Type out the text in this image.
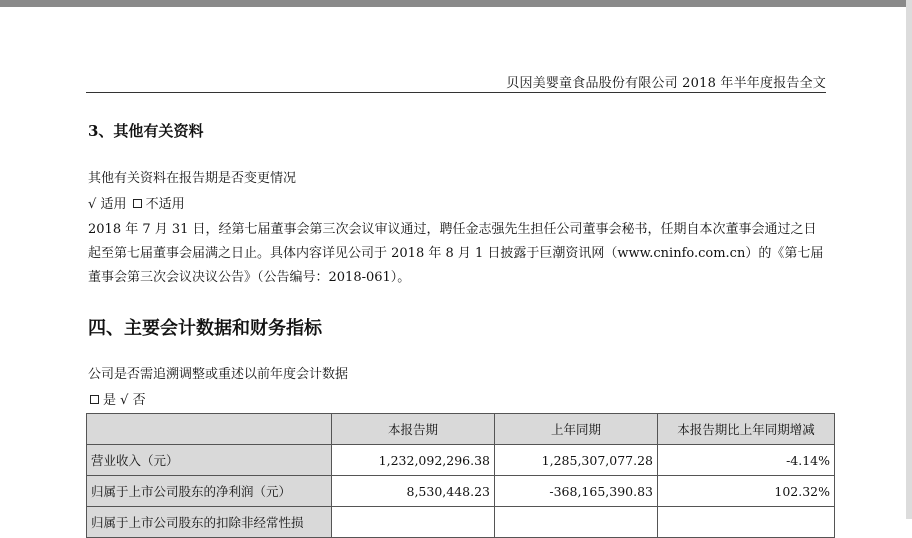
贝因美婴童食品股份有限公司 2018 年半年度报告全文
3、其他有关资料
其他有关资料在报告期是否变更情况
√ 适用 不适用
2018 年 7 月 31 日，经第七届董事会第三次会议审议通过，聘任金志强先生担任公司董事会秘书，任期自本次董事会通过之日起至第七届董事会届满之日止。具体内容详见公司于 2018 年 8 月 1 日披露于巨潮资讯网（www.cninfo.com.cn）的《第七届董事会第三次会议决议公告》（公告编号：2018-061）。
四、主要会计数据和财务指标
公司是否需追溯调整或重述以前年度会计数据
是 √ 否
	本报告期	上年同期	本报告期比上年同期增减
营业收入（元）	1,232,092,296.38	1,285,307,077.28	-4.14%
归属于上市公司股东的净利润（元）	8,530,448.23	-368,165,390.83	102.32%
归属于上市公司股东的扣除非经常性损			
